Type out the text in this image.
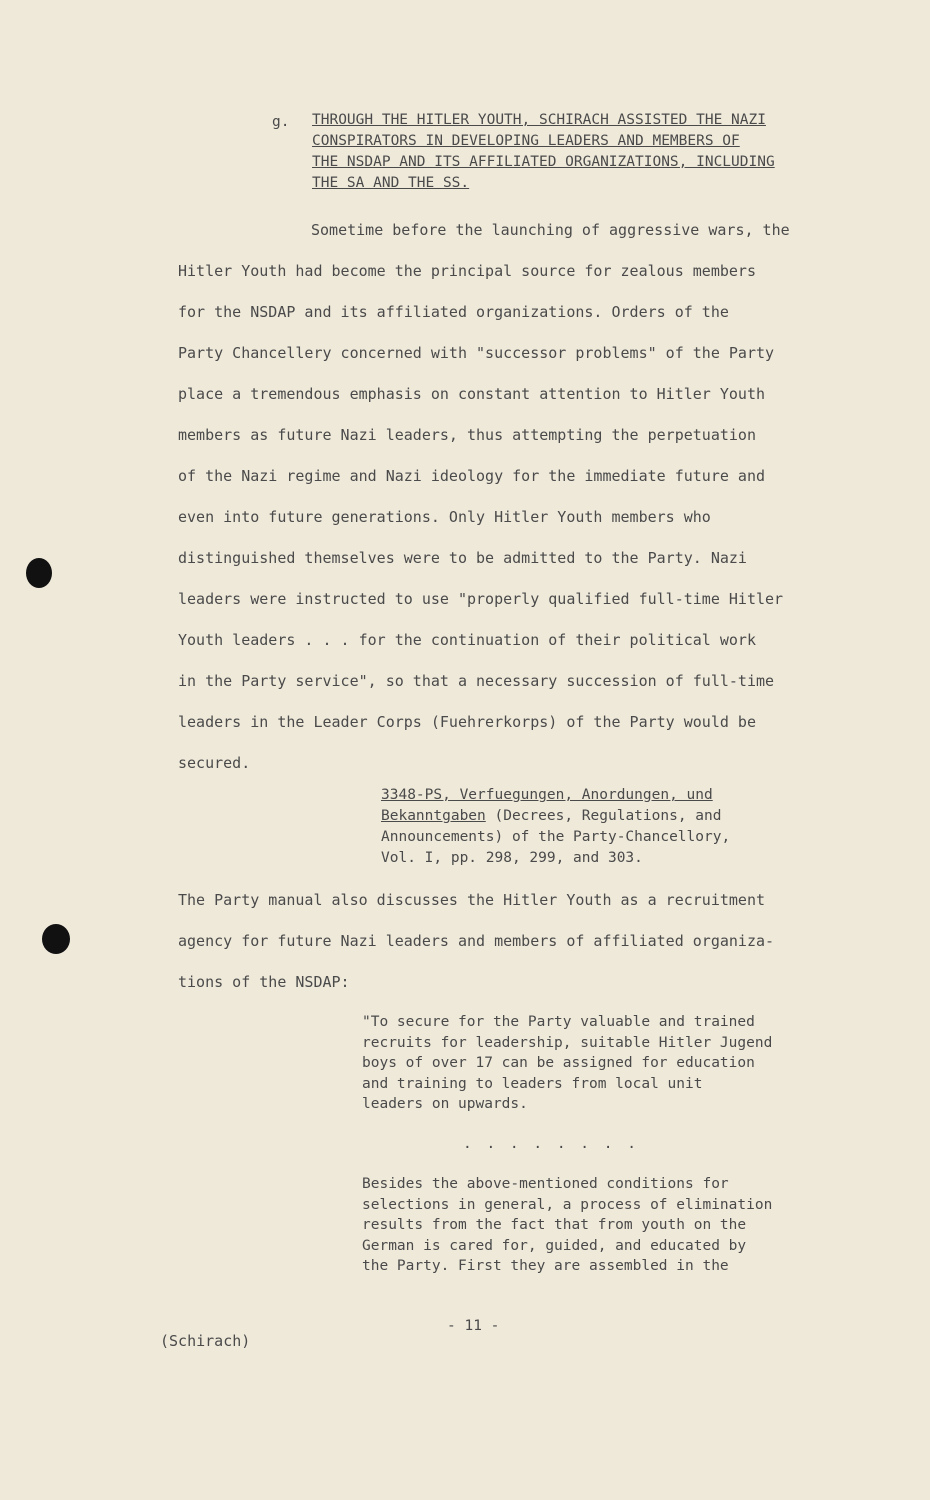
g. THROUGH THE HITLER YOUTH, SCHIRACH ASSISTED THE NAZI
CONSPIRATORS IN DEVELOPING LEADERS AND MEMBERS OF
THE NSDAP AND ITS AFFILIATED ORGANIZATIONS, INCLUDING
THE SA AND THE SS.
Sometime before the launching of aggressive wars, the
Hitler Youth had become the principal source for zealous members
for the NSDAP and its affiliated organizations. Orders of the
Party Chancellery concerned with "successor problems" of the Party
place a tremendous emphasis on constant attention to Hitler Youth
members as future Nazi leaders, thus attempting the perpetuation
of the Nazi regime and Nazi ideology for the immediate future and
even into future generations. Only Hitler Youth members who
distinguished themselves were to be admitted to the Party. Nazi
leaders were instructed to use "properly qualified full-time Hitler
Youth leaders . . . for the continuation of their political work
in the Party service", so that a necessary succession of full-time
leaders in the Leader Corps (Fuehrerkorps) of the Party would be
secured.
3348-PS, Verfuegungen, Anordungen, und
Bekanntgaben (Decrees, Regulations, and
Announcements) of the Party-Chancellory,
Vol. I, pp. 298, 299, and 303.
The Party manual also discusses the Hitler Youth as a recruitment
agency for future Nazi leaders and members of affiliated organiza-
tions of the NSDAP:
"To secure for the Party valuable and trained
recruits for leadership, suitable Hitler Jugend
boys of over 17 can be assigned for education
and training to leaders from local unit
leaders on upwards.
. . . . . . . .
Besides the above-mentioned conditions for
selections in general, a process of elimination
results from the fact that from youth on the
German is cared for, guided, and educated by
the Party. First they are assembled in the
- 11 -
(Schirach)
